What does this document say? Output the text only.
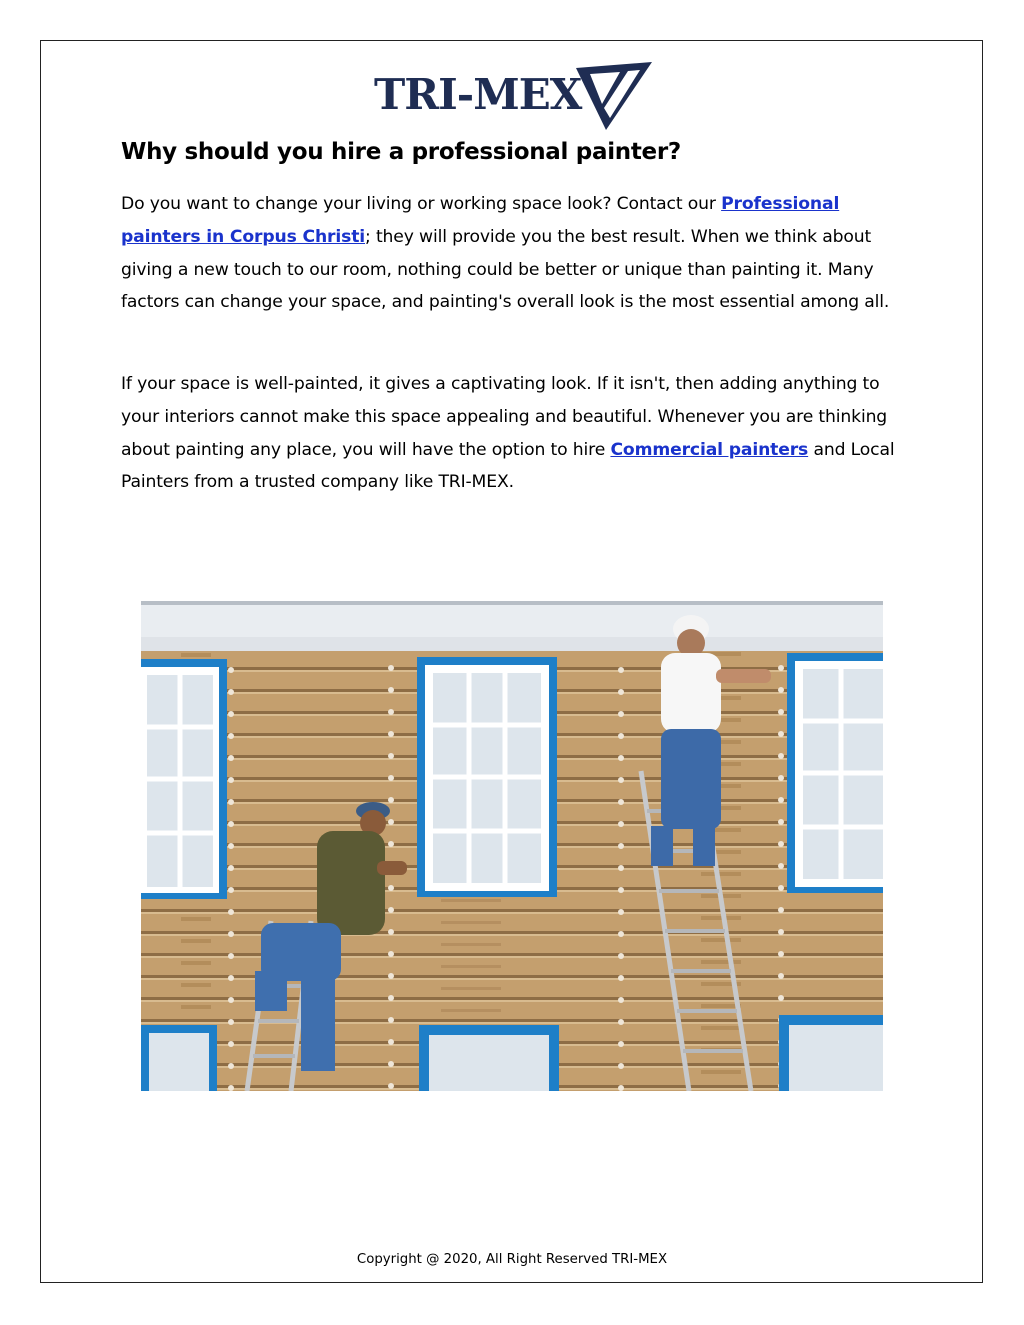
TRI-MEX
Why should you hire a professional painter?

Do you want to change your living or working space look? Contact our Professional painters in Corpus Christi; they will provide you the best result. When we think about giving a new touch to our room, nothing could be better or unique than painting it. Many factors can change your space, and painting's overall look is the most essential among all.

If your space is well-painted, it gives a captivating look. If it isn't, then adding anything to your interiors cannot make this space appealing and beautiful. Whenever you are thinking about painting any place, you will have the option to hire Commercial painters and Local Painters from a trusted company like TRI-MEX.

Copyright @ 2020, All Right Reserved TRI-MEX
